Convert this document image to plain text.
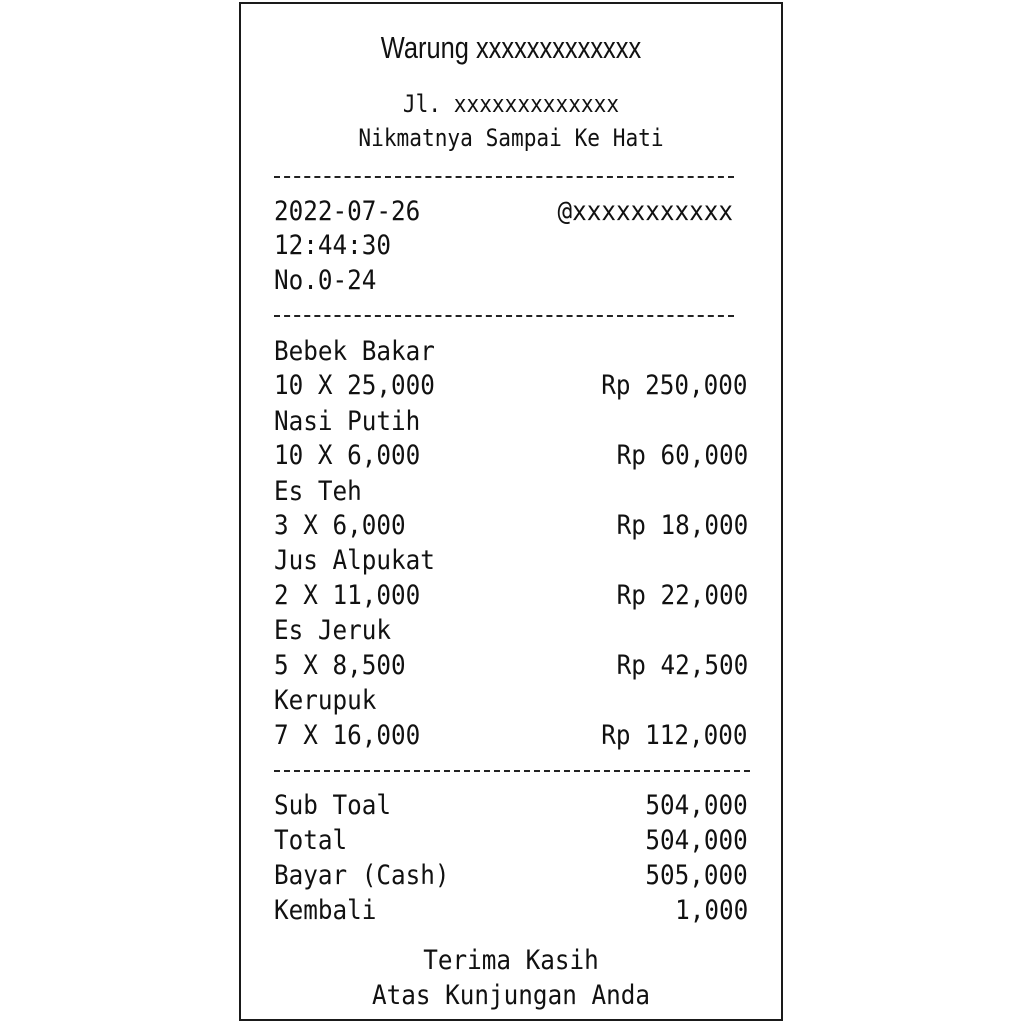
Warung xxxxxxxxxxxxx
Jl. xxxxxxxxxxxxx
Nikmatnya Sampai Ke Hati
2022-07-26	@xxxxxxxxxxx
12:44:30
No.0-24
Bebek Bakar
10 X 25,000	Rp 250,000
Nasi Putih
10 X 6,000	Rp 60,000
Es Teh
3 X 6,000	Rp 18,000
Jus Alpukat
2 X 11,000	Rp 22,000
Es Jeruk
5 X 8,500	Rp 42,500
Kerupuk
7 X 16,000	Rp 112,000
Sub Toal	504,000
Total	504,000
Bayar (Cash)	505,000
Kembali	1,000
Terima Kasih
Atas Kunjungan Anda
